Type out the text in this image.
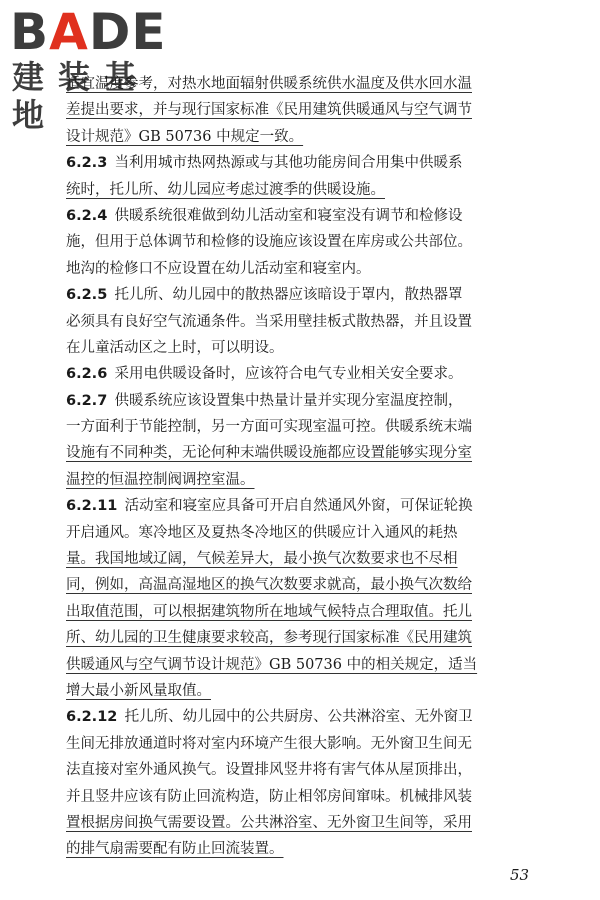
BADE
建装基地
适宜温度参考，对热水地面辐射供暖系统供水温度及供水回水温
差提出要求，并与现行国家标准《民用建筑供暖通风与空气调节
设计规范》GB 50736 中规定一致。
6.2.3  当利用城市热网热源或与其他功能房间合用集中供暖系
统时，托儿所、幼儿园应考虑过渡季的供暖设施。
6.2.4  供暖系统很难做到幼儿活动室和寝室没有调节和检修设
施，但用于总体调节和检修的设施应该设置在库房或公共部位。
地沟的检修口不应设置在幼儿活动室和寝室内。
6.2.5  托儿所、幼儿园中的散热器应该暗设于罩内，散热器罩
必须具有良好空气流通条件。当采用壁挂板式散热器，并且设置
在儿童活动区之上时，可以明设。
6.2.6  采用电供暖设备时，应该符合电气专业相关安全要求。
6.2.7  供暖系统应该设置集中热量计量并实现分室温度控制，
一方面利于节能控制，另一方面可实现室温可控。供暖系统末端
设施有不同种类，无论何种末端供暖设施都应设置能够实现分室
温控的恒温控制阀调控室温。
6.2.11  活动室和寝室应具备可开启自然通风外窗，可保证轮换
开启通风。寒冷地区及夏热冬冷地区的供暖应计入通风的耗热
量。我国地域辽阔，气候差异大，最小换气次数要求也不尽相
同，例如，高温高湿地区的换气次数要求就高，最小换气次数给
出取值范围，可以根据建筑物所在地域气候特点合理取值。托儿
所、幼儿园的卫生健康要求较高，参考现行国家标准《民用建筑
供暖通风与空气调节设计规范》GB 50736 中的相关规定，适当
增大最小新风量取值。
6.2.12  托儿所、幼儿园中的公共厨房、公共淋浴室、无外窗卫
生间无排放通道时将对室内环境产生很大影响。无外窗卫生间无
法直接对室外通风换气。设置排风竖井将有害气体从屋顶排出，
并且竖井应该有防止回流构造，防止相邻房间窜味。机械排风装
置根据房间换气需要设置。公共淋浴室、无外窗卫生间等，采用
的排气扇需要配有防止回流装置。
53
